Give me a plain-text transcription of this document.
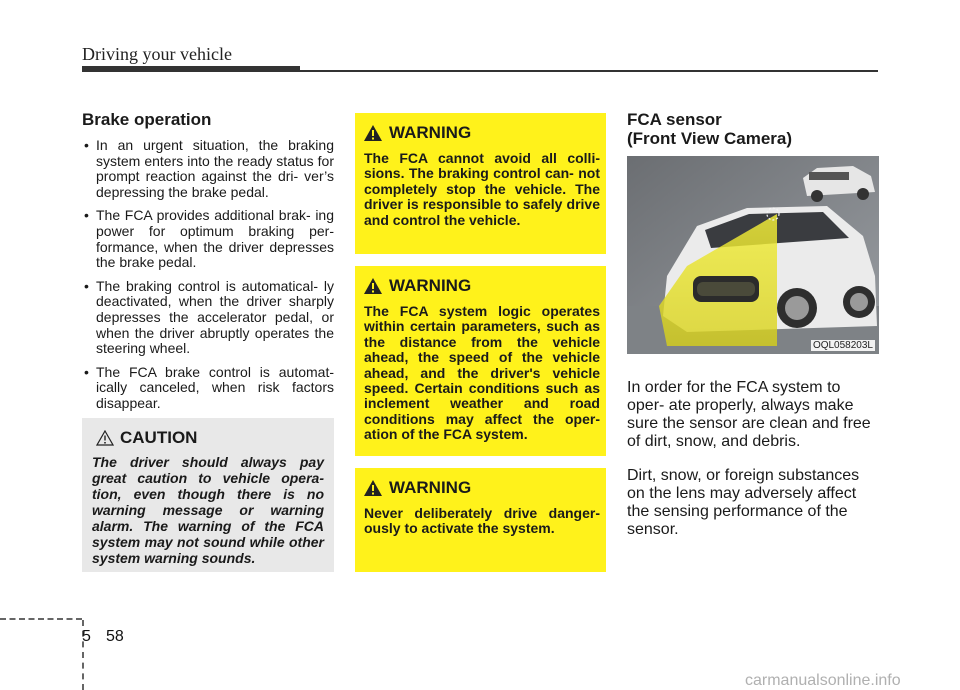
Driving your vehicle
Brake operation
• In an urgent situation, the braking system enters into the ready status for prompt reaction against the dri- ver’s depressing the brake pedal.
• The FCA provides additional brak- ing power for optimum braking per- formance, when the driver depresses the brake pedal.
• The braking control is automatical- ly deactivated, when the driver sharply depresses the accelerator pedal, or when the driver abruptly operates the steering wheel.
• The FCA brake control is automat- ically canceled, when risk factors disappear.
CAUTION
The driver should always pay great caution to vehicle opera- tion, even though there is no warning message or warning alarm. The warning of the FCA system may not sound while other system warning sounds.
WARNING
The FCA cannot avoid all colli- sions. The braking control can- not completely stop the vehicle. The driver is responsible to safely drive and control the vehicle.
WARNING
The FCA system logic operates within certain parameters, such as the distance from the vehicle ahead, the speed of the vehicle ahead, and the driver's vehicle speed. Certain conditions such as inclement weather and road conditions may affect the oper- ation of the FCA system.
WARNING
Never deliberately drive danger- ously to activate the system.
FCA sensor
(Front View Camera)
OQL058203L

In order for the FCA system to oper- ate properly, always make sure the sensor are clean and free of dirt, snow, and debris.

Dirt, snow, or foreign substances on the lens may adversely affect the sensing performance of the sensor.

5 58
carmanualsonline.info
